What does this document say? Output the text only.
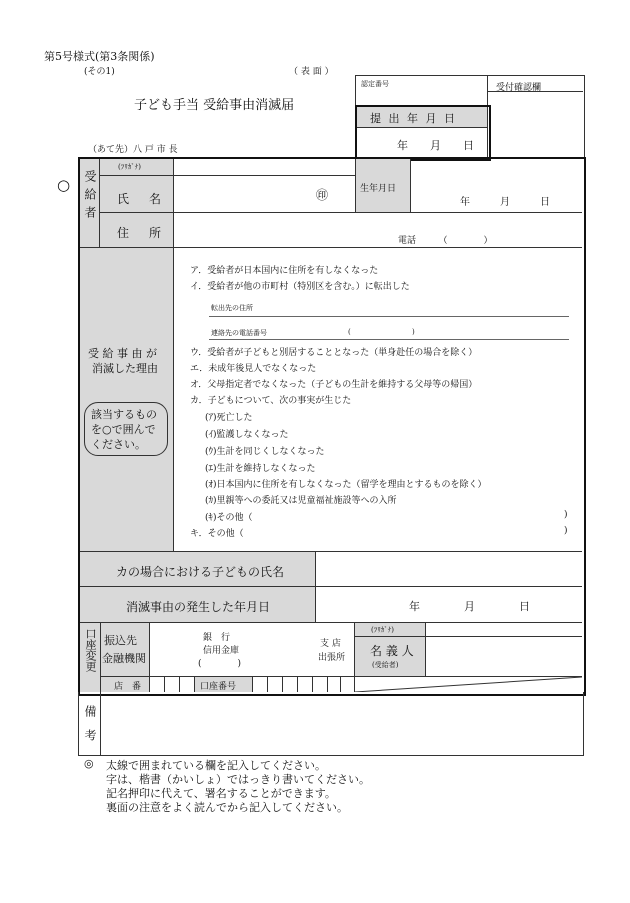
第5号様式(第3条関係)
(その1)	（ 表 面 ）
子ども手当 受給事由消滅届
（あて先）八 戸 市 長
認定番号	受付確認欄
提 出 年 月 日
年　　月　　日
○ 受給者
(ﾌﾘｶﾞﾅ)
氏　名	㊞	生年月日
年　　　月　　　日
住　所
電話　　　（　　　　）
受 給 事 由 が
消滅した理由
該当するもの
を○で囲んで
ください。
ア．受給者が日本国内に住所を有しなくなった
イ．受給者が他の市町村（特別区を含む。）に転出した
転出先の住所
連絡先の電話番号	(	)
ウ．受給者が子どもと別居することとなった（単身赴任の場合を除く）
エ．未成年後見人でなくなった
オ．父母指定者でなくなった（子どもの生計を維持する父母等の帰国）
カ．子どもについて、次の事実が生じた
(ｱ)死亡した
(ｲ)監護しなくなった
(ｳ)生計を同じくしなくなった
(ｴ)生計を維持しなくなった
(ｵ)日本国内に住所を有しなくなった（留学を理由とするものを除く）
(ｶ)里親等への委託又は児童福祉施設等への入所
(ｷ)その他（	)
キ．その他（	)
カの場合における子どもの氏名
消滅事由の発生した年月日	年　　　　月　　　　日
口座変更 振込先
金融機関
銀　行
信用金庫
(　　　　)
支 店
出張所
(ﾌﾘｶﾞﾅ)
名 義 人
(受給者)
店　番	口座番号
備考
◎ 太線で囲まれている欄を記入してください。
字は、楷書（かいしょ）ではっきり書いてください。
記名押印に代えて、署名することができます。
裏面の注意をよく読んでから記入してください。
